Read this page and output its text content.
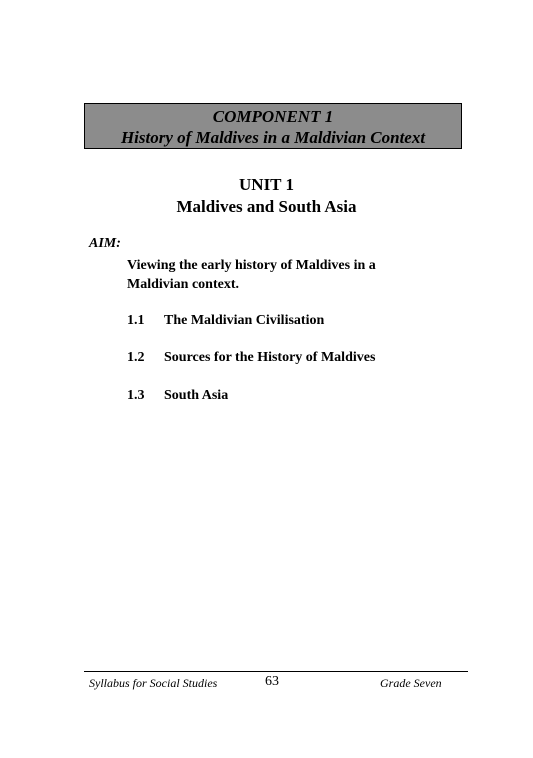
COMPONENT 1
History of Maldives in a Maldivian Context
UNIT 1
Maldives and South Asia
AIM:
Viewing the early history of Maldives in a
Maldivian context.
1.1 The Maldivian Civilisation
1.2 Sources for the History of Maldives
1.3 South Asia
Syllabus for Social Studies	63	Grade Seven
